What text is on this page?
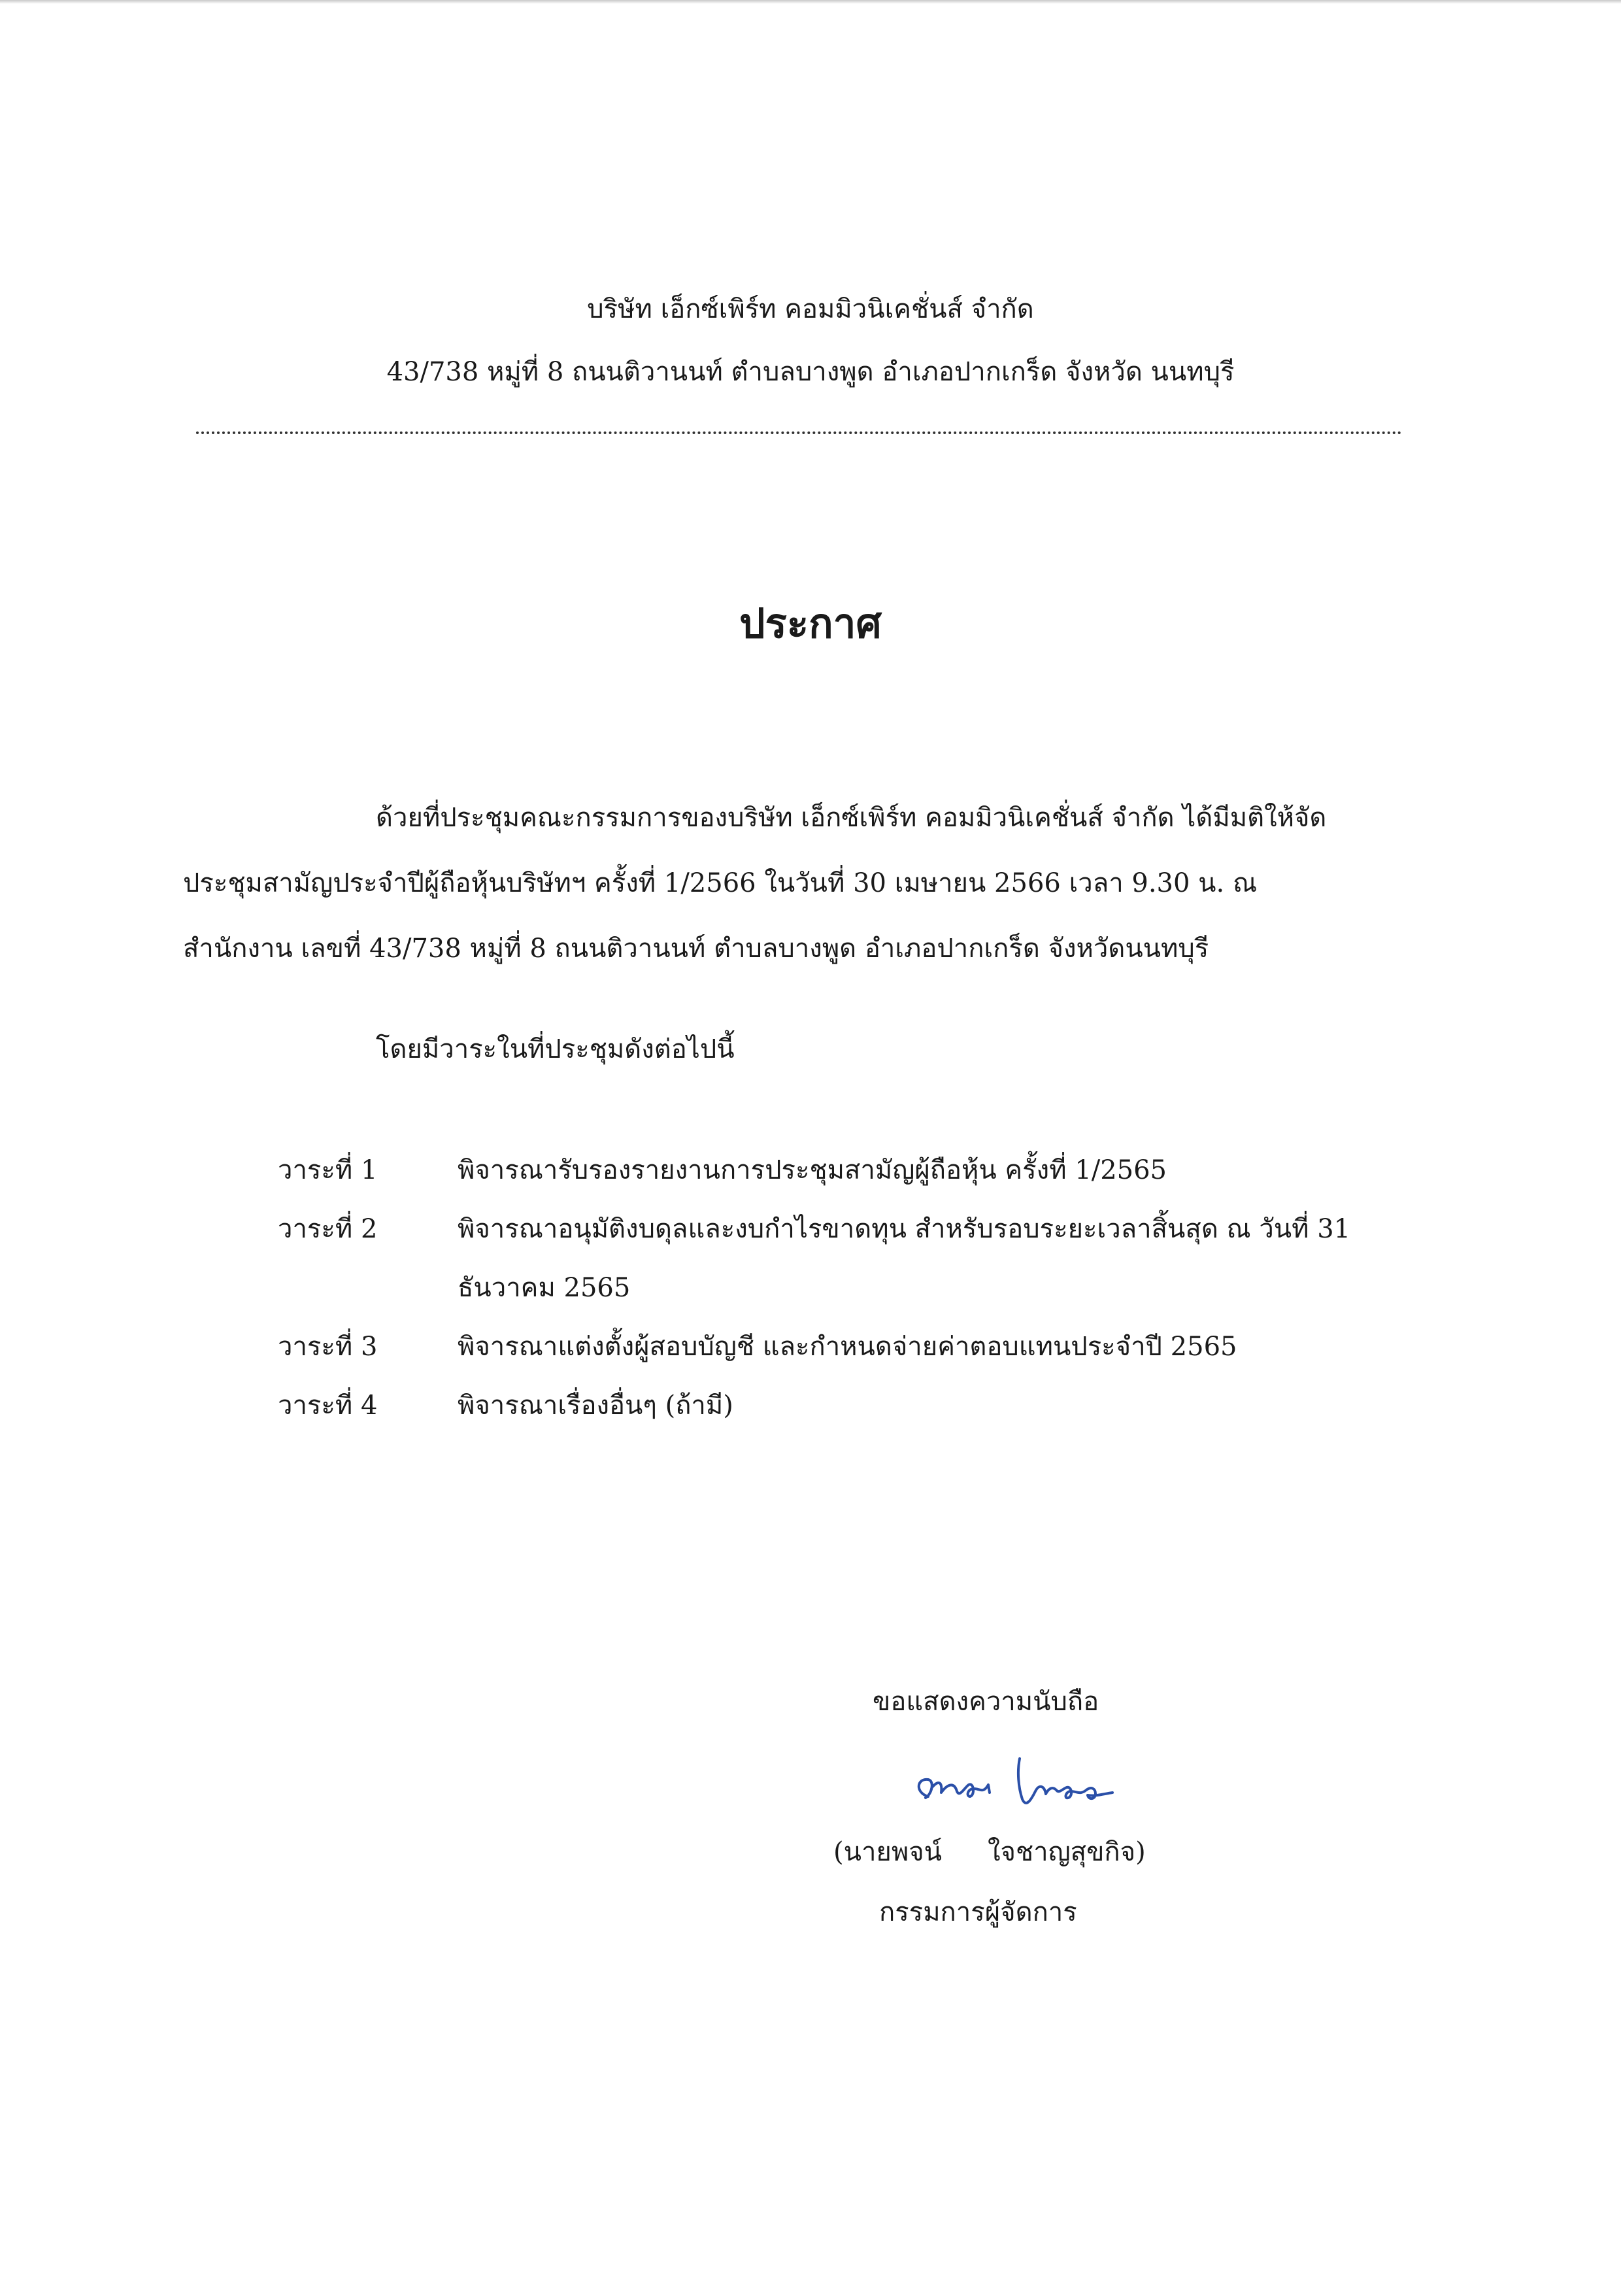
บริษัท เอ็กซ์เพิร์ท คอมมิวนิเคชั่นส์ จำกัด
43/738 หมู่ที่ 8 ถนนติวานนท์ ตำบลบางพูด อำเภอปากเกร็ด จังหวัด นนทบุรี
ประกาศ
ด้วยที่ประชุมคณะกรรมการของบริษัท เอ็กซ์เพิร์ท คอมมิวนิเคชั่นส์ จำกัด ได้มีมติให้จัด
ประชุมสามัญประจำปีผู้ถือหุ้นบริษัทฯ ครั้งที่ 1/2566 ในวันที่ 30 เมษายน 2566 เวลา 9.30 น. ณ
สำนักงาน เลขที่ 43/738 หมู่ที่ 8 ถนนติวานนท์ ตำบลบางพูด อำเภอปากเกร็ด จังหวัดนนทบุรี
โดยมีวาระในที่ประชุมดังต่อไปนี้
วาระที่ 1	พิจารณารับรองรายงานการประชุมสามัญผู้ถือหุ้น ครั้งที่ 1/2565
วาระที่ 2	พิจารณาอนุมัติงบดุลและงบกำไรขาดทุน สำหรับรอบระยะเวลาสิ้นสุด ณ วันที่ 31
ธันวาคม 2565
วาระที่ 3	พิจารณาแต่งตั้งผู้สอบบัญชี และกำหนดจ่ายค่าตอบแทนประจำปี 2565
วาระที่ 4	พิจารณาเรื่องอื่นๆ (ถ้ามี)
ขอแสดงความนับถือ
(นายพจน์ ใจชาญสุขกิจ)
กรรมการผู้จัดการ
